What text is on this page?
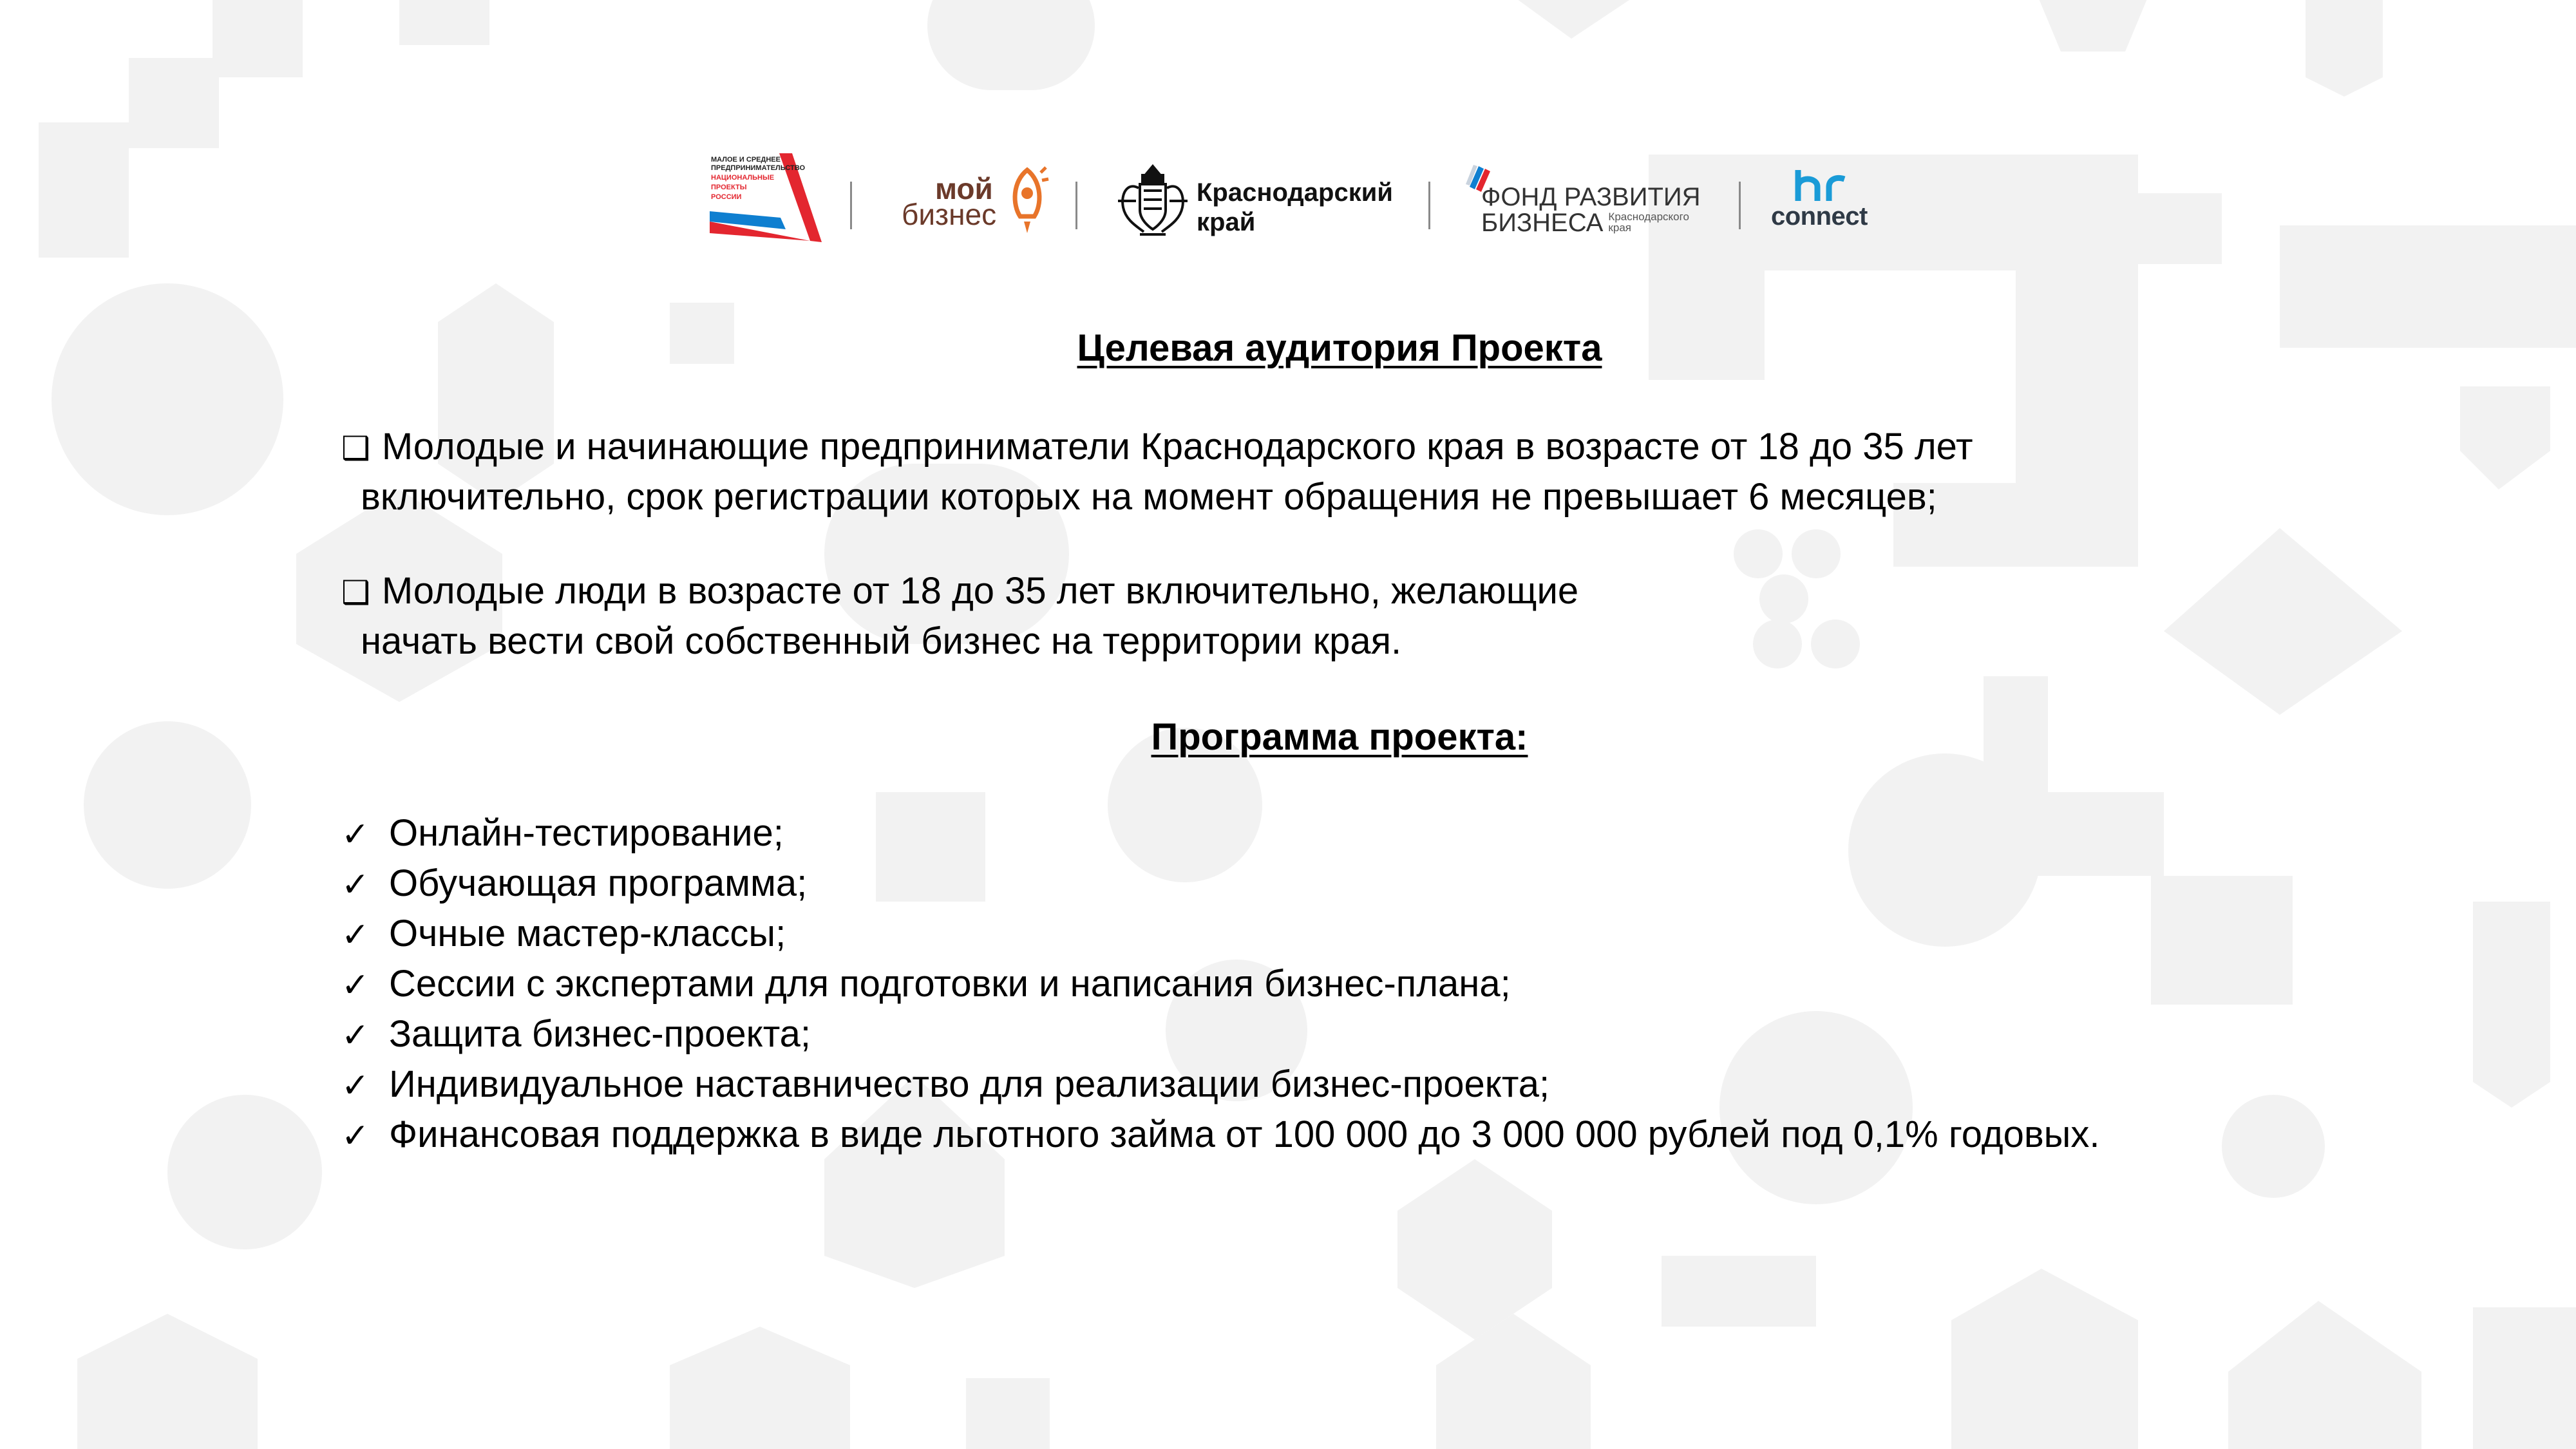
МАЛОЕ И СРЕДНЕЕ
ПРЕДПРИНИМАТЕЛЬСТВО
НАЦИОНАЛЬНЫЕ
ПРОЕКТЫ
РОССИИ	мой
бизнес
Краснодарский
край
ФОНД РАЗВИТИЯ
БИЗНЕСА Краснодарского
края	connect
Целевая аудитория Проекта
❑ Молодые и начинающие предприниматели Краснодарского края в возрасте от 18 до 35 лет
включительно, срок регистрации которых на момент обращения не превышает 6 месяцев;
❑ Молодые люди в возрасте от 18 до 35 лет включительно, желающие
начать вести свой собственный бизнес на территории края.
Программа проекта:
✓ Онлайн-тестирование;
✓ Обучающая программа;
✓ Очные мастер-классы;
✓ Сессии с экспертами для подготовки и написания бизнес-плана;
✓ Защита бизнес-проекта;
✓ Индивидуальное наставничество для реализации бизнес-проекта;
✓ Финансовая поддержка в виде льготного займа от 100 000 до 3 000 000 рублей под 0,1% годовых.
